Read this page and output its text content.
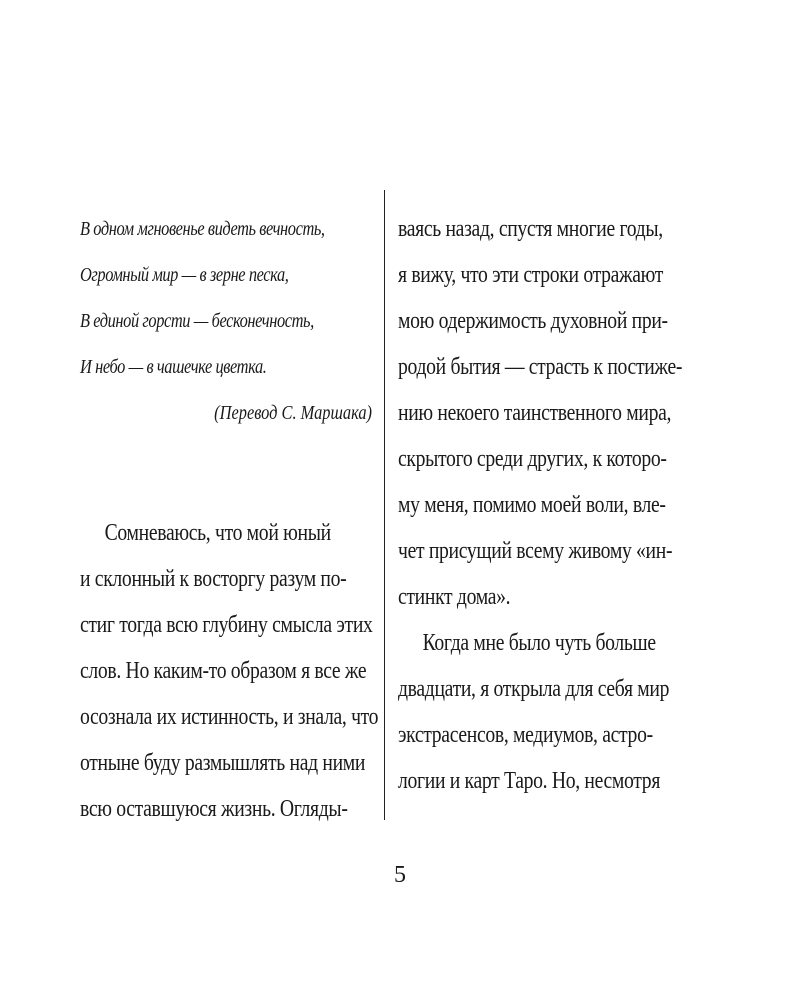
В одном мгновенье видеть вечность,
Огромный мир — в зерне песка,
В единой горсти — бесконечность,
И небо — в чашечке цветка.
(Перевод С. Маршака)
Сомневаюсь, что мой юный
и склонный к восторгу разум по-
стиг тогда всю глубину смысла этих
слов. Но каким-то образом я все же
осознала их истинность, и знала, что
отныне буду размышлять над ними
всю оставшуюся жизнь. Огляды-
ваясь назад, спустя многие годы,
я вижу, что эти строки отражают
мою одержимость духовной при-
родой бытия — страсть к постиже-
нию некоего таинственного мира,
скрытого среди других, к которо-
му меня, помимо моей воли, вле-
чет присущий всему живому «ин-
стинкт дома».
Когда мне было чуть больше
двадцати, я открыла для себя мир
экстрасенсов, медиумов, астро-
логии и карт Таро. Но, несмотря
5
